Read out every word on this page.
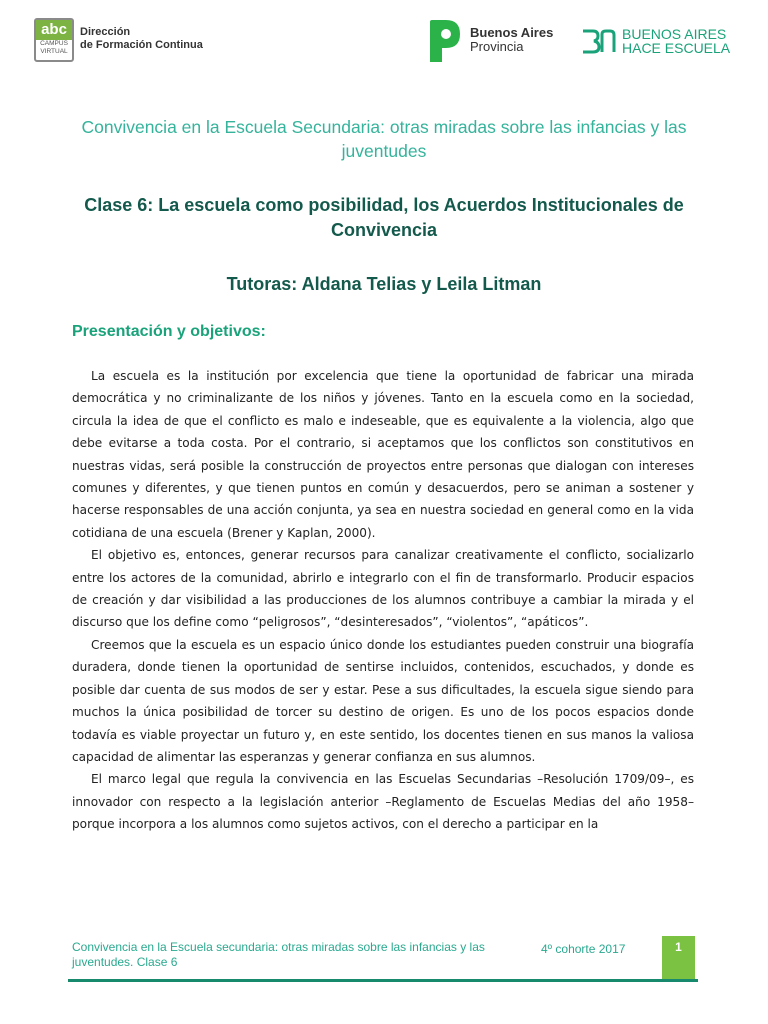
abc
CAMPUS
VIRTUAL
Dirección
de Formación Continua
Buenos Aires
Provincia
BUENOS AIRES
HACE ESCUELA
Convivencia en la Escuela Secundaria: otras miradas sobre las infancias y las juventudes
Clase 6: La escuela como posibilidad, los Acuerdos Institucionales de Convivencia
Tutoras: Aldana Telias y Leila Litman
Presentación y objetivos:

La escuela es la institución por excelencia que tiene la oportunidad de fabricar una mirada democrática y no criminalizante de los niños y jóvenes. Tanto en la escuela como en la sociedad, circula la idea de que el conflicto es malo e indeseable, que es equivalente a la violencia, algo que debe evitarse a toda costa. Por el contrario, si aceptamos que los conflictos son constitutivos en nuestras vidas, será posible la construcción de proyectos entre personas que dialogan con intereses comunes y diferentes, y que tienen puntos en común y desacuerdos, pero se animan a sostener y hacerse responsables de una acción conjunta, ya sea en nuestra sociedad en general como en la vida cotidiana de una escuela (Brener y Kaplan, 2000).

El objetivo es, entonces, generar recursos para canalizar creativamente el conflicto, socializarlo entre los actores de la comunidad, abrirlo e integrarlo con el fin de transformarlo. Producir espacios de creación y dar visibilidad a las producciones de los alumnos contribuye a cambiar la mirada y el discurso que los define como “peligrosos”, “desinteresados”, “violentos”, “apáticos”.

Creemos que la escuela es un espacio único donde los estudiantes pueden construir una biografía duradera, donde tienen la oportunidad de sentirse incluidos, contenidos, escuchados, y donde es posible dar cuenta de sus modos de ser y estar. Pese a sus dificultades, la escuela sigue siendo para muchos la única posibilidad de torcer su destino de origen. Es uno de los pocos espacios donde todavía es viable proyectar un futuro y, en este sentido, los docentes tienen en sus manos la valiosa capacidad de alimentar las esperanzas y generar confianza en sus alumnos.

El marco legal que regula la convivencia en las Escuelas Secundarias –Resolución 1709/09–, es innovador con respecto a la legislación anterior –Reglamento de Escuelas Medias del año 1958– porque incorpora a los alumnos como sujetos activos, con el derecho a participar en la

Convivencia en la Escuela secundaria: otras miradas sobre las infancias y las juventudes. Clase 6
4º cohorte 2017	1
